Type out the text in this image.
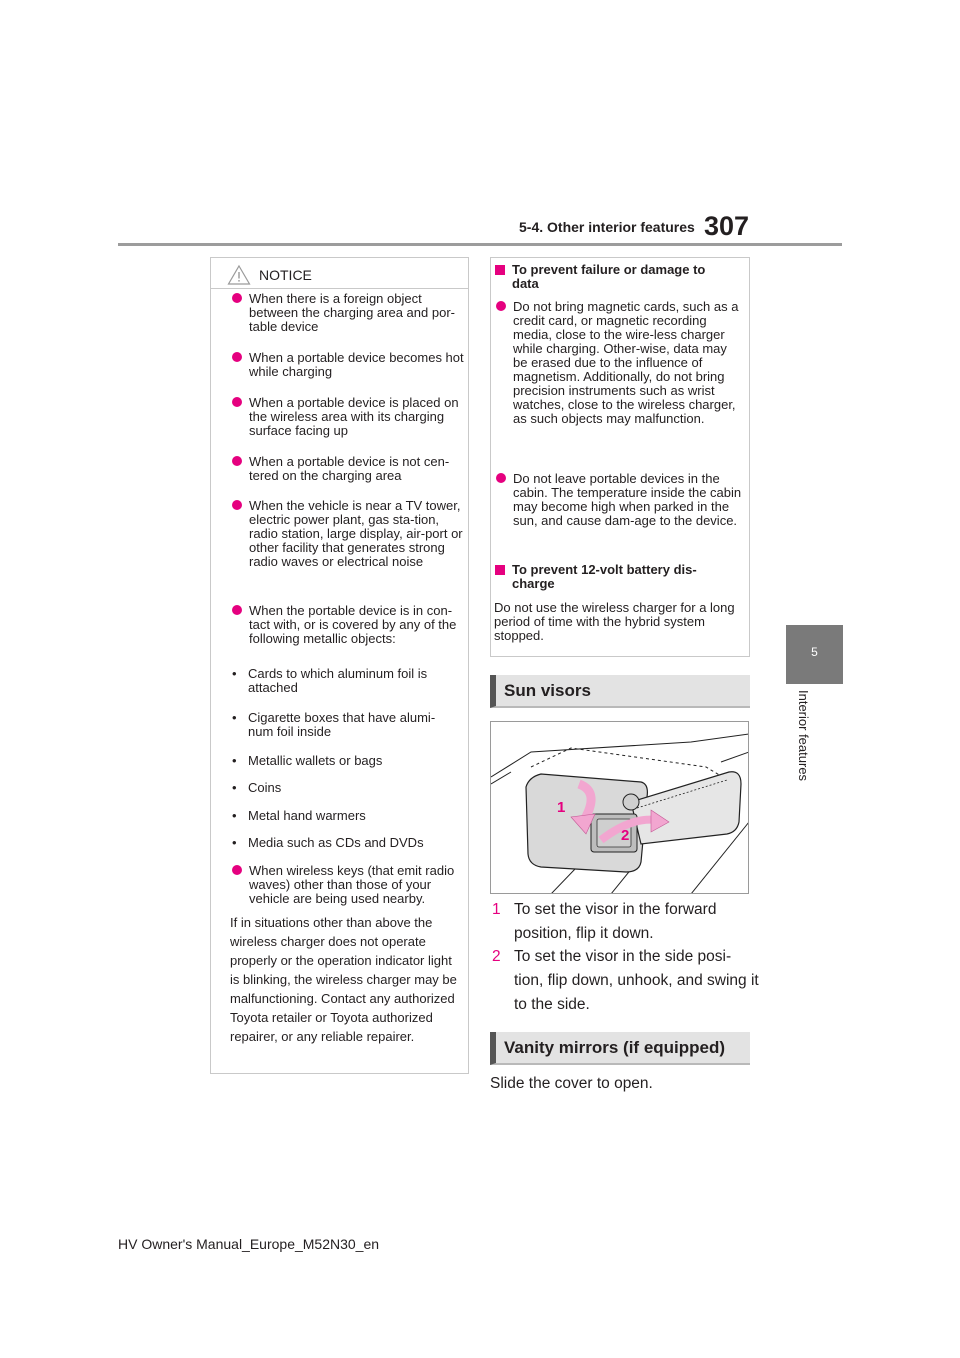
5-4. Other interior features 307
5
Interior features
NOTICE
When there is a foreign object between the charging area and por-table device
When a portable device becomes hot while charging
When a portable device is placed on the wireless area with its charging surface facing up
When a portable device is not cen-tered on the charging area
When the vehicle is near a TV tower, electric power plant, gas sta-tion, radio station, large display, air-port or other facility that generates strong radio waves or electrical noise
When the portable device is in con-tact with, or is covered by any of the following metallic objects:
• Cards to which aluminum foil is attached
• Cigarette boxes that have alumi-num foil inside
• Metallic wallets or bags
• Coins
• Metal hand warmers
• Media such as CDs and DVDs
When wireless keys (that emit radio waves) other than those of your vehicle are being used nearby.
If in situations other than above the wireless charger does not operate properly or the operation indicator light is blinking, the wireless charger may be malfunctioning. Contact any authorized Toyota retailer or Toyota authorized repairer, or any reliable repairer.
To prevent failure or damage to data
Do not bring magnetic cards, such as a credit card, or magnetic recording media, close to the wire-less charger while charging. Other-wise, data may be erased due to the influence of magnetism. Additionally, do not bring precision instruments such as wrist watches, close to the wireless charger, as such objects may malfunction.
Do not leave portable devices in the cabin. The temperature inside the cabin may become high when parked in the sun, and cause dam-age to the device.
To prevent 12-volt battery dis-charge
Do not use the wireless charger for a long period of time with the hybrid system stopped.
Sun visors
1
2
1 To set the visor in the forward position, flip it down.
2 To set the visor in the side posi-tion, flip down, unhook, and swing it to the side.
Vanity mirrors (if equipped)
Slide the cover to open.
HV Owner's Manual_Europe_M52N30_en
